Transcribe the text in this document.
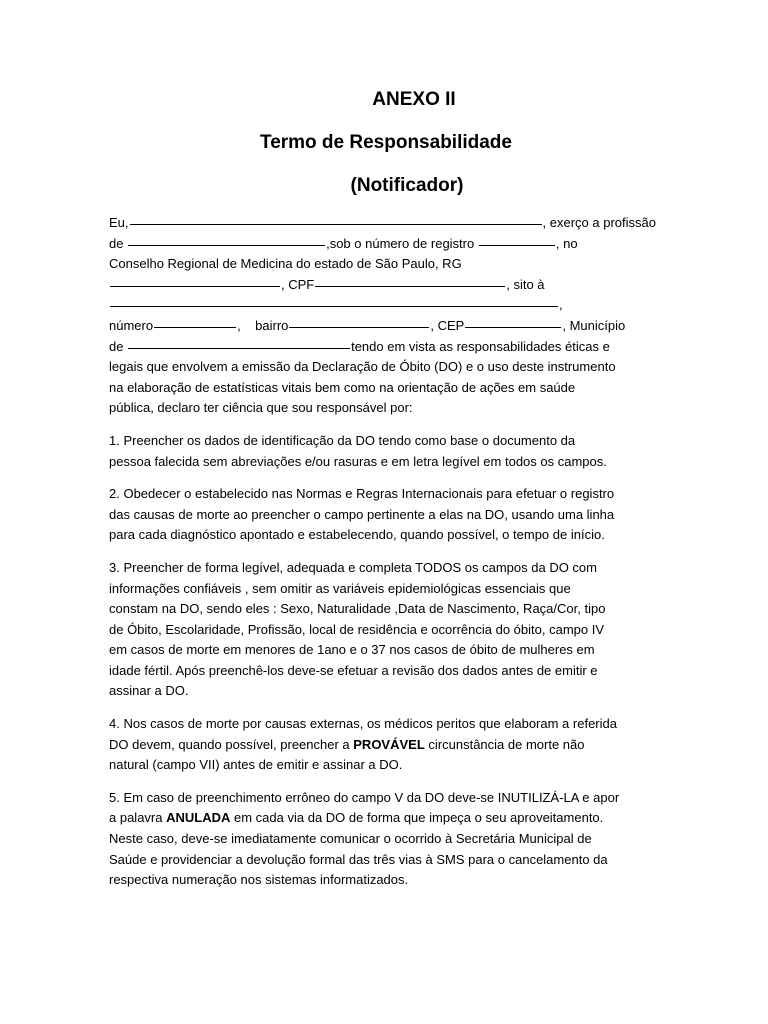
ANEXO II
Termo de Responsabilidade
(Notificador)

Eu,	, exerço a profissão
de	,sob o número de registro	, no
Conselho Regional de Medicina do estado de São Paulo, RG
, CPF	, sito à
,
número	,    bairro	, CEP	, Município
de	tendo em vista as responsabilidades éticas e
legais que envolvem a emissão da Declaração de Óbito (DO) e o uso deste instrumento
na elaboração de estatísticas vitais bem como na orientação de ações em saúde
pública, declaro ter ciência que sou responsável por:

1. Preencher os dados de identificação da DO tendo como base o documento da
pessoa falecida sem abreviações e/ou rasuras e em letra legível em todos os campos.

2. Obedecer o estabelecido nas Normas e Regras Internacionais para efetuar o registro
das causas de morte ao preencher o campo pertinente a elas na DO, usando uma linha
para cada diagnóstico apontado e estabelecendo, quando possível, o tempo de início.

3. Preencher de forma legível, adequada e completa TODOS os campos da DO com
informações confiáveis , sem omitir as variáveis epidemiológicas essenciais que
constam na DO, sendo eles : Sexo, Naturalidade ,Data de Nascimento, Raça/Cor, tipo
de Óbito, Escolaridade, Profissão, local de residência e ocorrência do óbito, campo IV
em casos de morte em menores de 1ano e o 37 nos casos de óbito de mulheres em
idade fértil. Após preenchê-los deve-se efetuar a revisão dos dados antes de emitir e
assinar a DO.

4. Nos casos de morte por causas externas, os médicos peritos que elaboram a referida
DO devem, quando possível, preencher a PROVÁVEL circunstância de morte não
natural (campo VII) antes de emitir e assinar a DO.

5. Em caso de preenchimento errôneo do campo V da DO deve-se INUTILIZÁ-LA e apor
a palavra ANULADA em cada via da DO de forma que impeça o seu aproveitamento.
Neste caso, deve-se imediatamente comunicar o ocorrido à Secretária Municipal de
Saúde e providenciar a devolução formal das três vias à SMS para o cancelamento da
respectiva numeração nos sistemas informatizados.
